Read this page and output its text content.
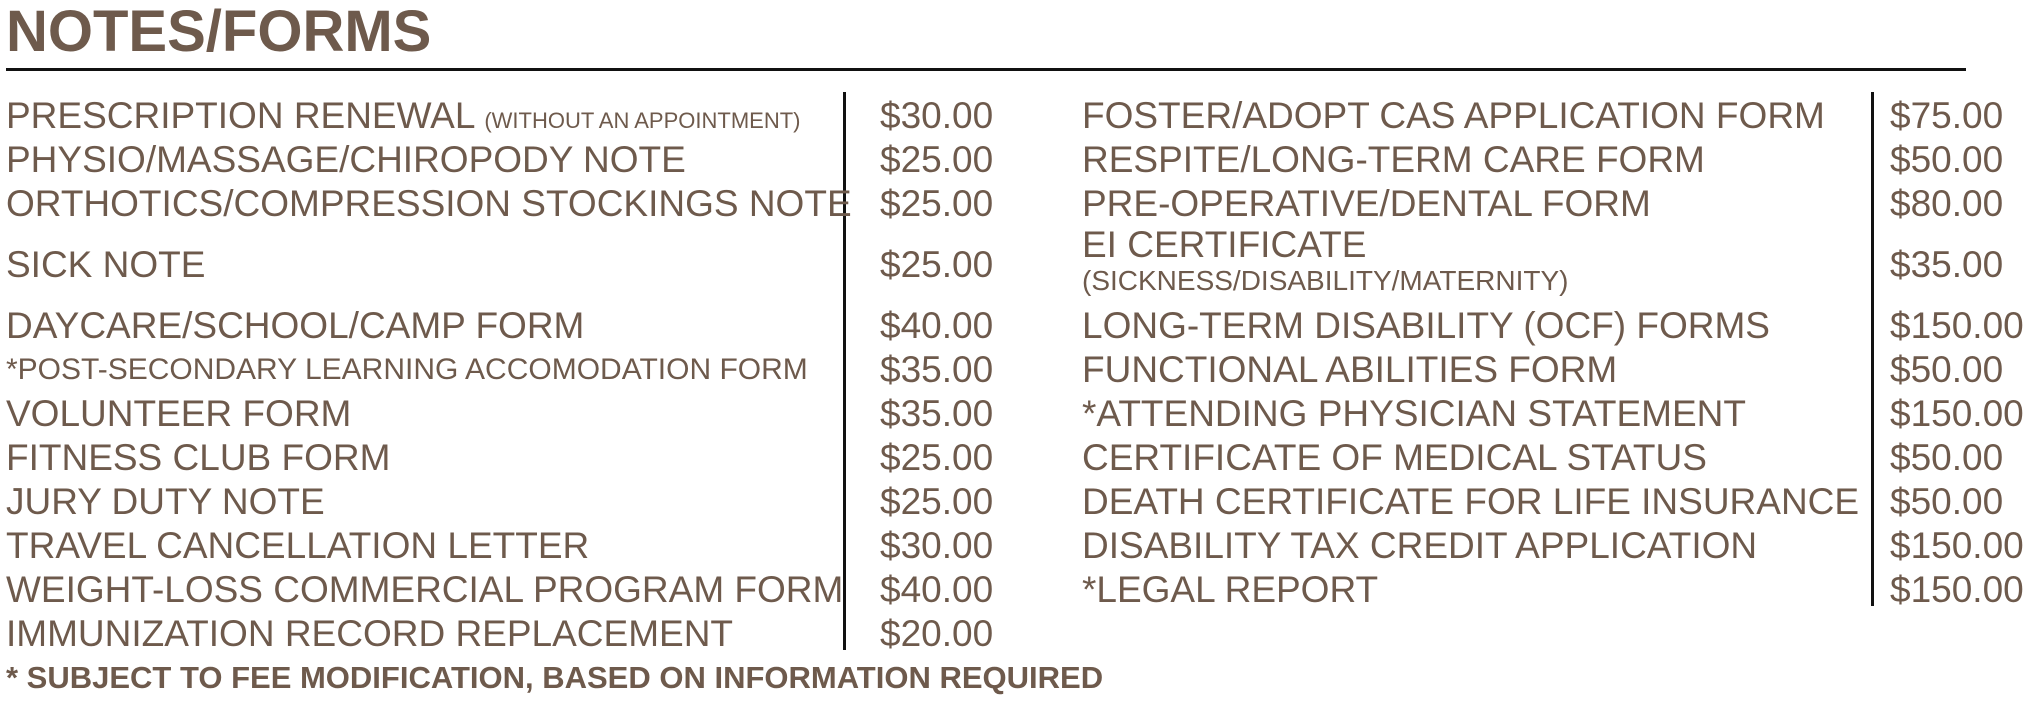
NOTES/FORMS
PRESCRIPTION RENEWAL (WITHOUT AN APPOINTMENT) $30.00
PHYSIO/MASSAGE/CHIROPODY NOTE	$25.00
ORTHOTICS/COMPRESSION STOCKINGS NOTE $25.00
SICK NOTE	$25.00
DAYCARE/SCHOOL/CAMP FORM	$40.00
*POST-SECONDARY LEARNING ACCOMODATION FORM $35.00
VOLUNTEER FORM	$35.00
FITNESS CLUB FORM	$25.00
JURY DUTY NOTE	$25.00
TRAVEL CANCELLATION LETTER	$30.00
WEIGHT-LOSS COMMERCIAL PROGRAM FORM $40.00
IMMUNIZATION RECORD REPLACEMENT	$20.00
FOSTER/ADOPT CAS APPLICATION FORM $75.00
RESPITE/LONG-TERM CARE FORM	$50.00
PRE-OPERATIVE/DENTAL FORM	$80.00
EI CERTIFICATE
(SICKNESS/DISABILITY/MATERNITY)	$35.00
LONG-TERM DISABILITY (OCF) FORMS	$150.00
FUNCTIONAL ABILITIES FORM	$50.00
*ATTENDING PHYSICIAN STATEMENT	$150.00
CERTIFICATE OF MEDICAL STATUS	$50.00
DEATH CERTIFICATE FOR LIFE INSURANCE $50.00
DISABILITY TAX CREDIT APPLICATION	$150.00
*LEGAL REPORT	$150.00
* SUBJECT TO FEE MODIFICATION, BASED ON INFORMATION REQUIRED
